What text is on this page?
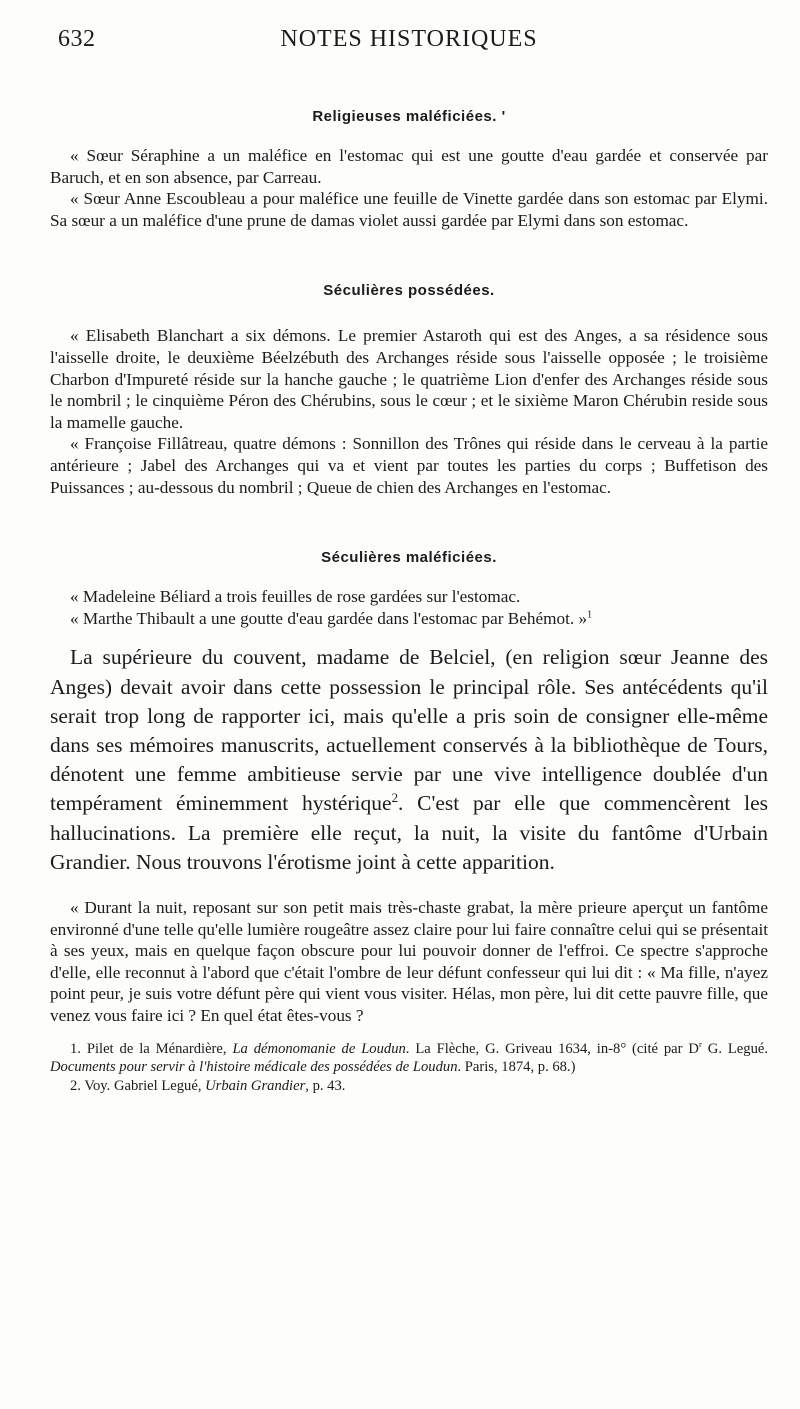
632	NOTES HISTORIQUES
Religieuses maléficiées. '

« Sœur Séraphine a un maléfice en l'estomac qui est une goutte d'eau gardée et conservée par Baruch, et en son absence, par Carreau.

« Sœur Anne Escoubleau a pour maléfice une feuille de Vinette gardée dans son estomac par Elymi. Sa sœur a un maléfice d'une prune de damas violet aussi gardée par Elymi dans son estomac.

Séculières possédées.

« Elisabeth Blanchart a six démons. Le premier Astaroth qui est des Anges, a sa résidence sous l'aisselle droite, le deuxième Béelzébuth des Archanges réside sous l'aisselle opposée ; le troisième Charbon d'Impureté réside sur la hanche gauche ; le quatrième Lion d'enfer des Archanges réside sous le nombril ; le cinquième Péron des Chérubins, sous le cœur ; et le sixième Maron Chérubin reside sous la mamelle gauche.

« Françoise Fillâtreau, quatre démons : Sonnillon des Trônes qui réside dans le cerveau à la partie antérieure ; Jabel des Archanges qui va et vient par toutes les parties du corps ; Buffetison des Puissances ; au-dessous du nombril ; Queue de chien des Archanges en l'estomac.

Séculières maléficiées.

« Madeleine Béliard a trois feuilles de rose gardées sur l'estomac.

« Marthe Thibault a une goutte d'eau gardée dans l'estomac par Behémot. »$^1$

La supérieure du couvent, madame de Belciel, (en religion sœur Jeanne des Anges) devait avoir dans cette possession le principal rôle. Ses antécédents qu'il serait trop long de rapporter ici, mais qu'elle a pris soin de consigner elle-même dans ses mémoires manuscrits, actuellement conservés à la bibliothèque de Tours, dénotent une femme ambitieuse servie par une vive intelligence doublée d'un tempérament éminemment hystérique$^2$. C'est par elle que commencèrent les hallucinations. La première elle reçut, la nuit, la visite du fantôme d'Urbain Grandier. Nous trouvons l'érotisme joint à cette apparition.

« Durant la nuit, reposant sur son petit mais très-chaste grabat, la mère prieure aperçut un fantôme environné d'une telle qu'elle lumière rougeâtre assez claire pour lui faire connaître celui qui se présentait à ses yeux, mais en quelque façon obscure pour lui pouvoir donner de l'effroi. Ce spectre s'approche d'elle, elle reconnut à l'abord que c'était l'ombre de leur défunt confesseur qui lui dit : « Ma fille, n'ayez point peur, je suis votre défunt père qui vient vous visiter. Hélas, mon père, lui dit cette pauvre fille, que venez vous faire ici ? En quel état êtes-vous ?

1. Pilet de la Ménardière, La démonomanie de Loudun. La Flèche, G. Griveau 1634, in-8° (cité par $D^r$ G. Legué. Documents pour servir à l'histoire médicale des possédées de Loudun. Paris, 1874, p. 68.)

2. Voy. Gabriel Legué, Urbain Grandier, p. 43.
